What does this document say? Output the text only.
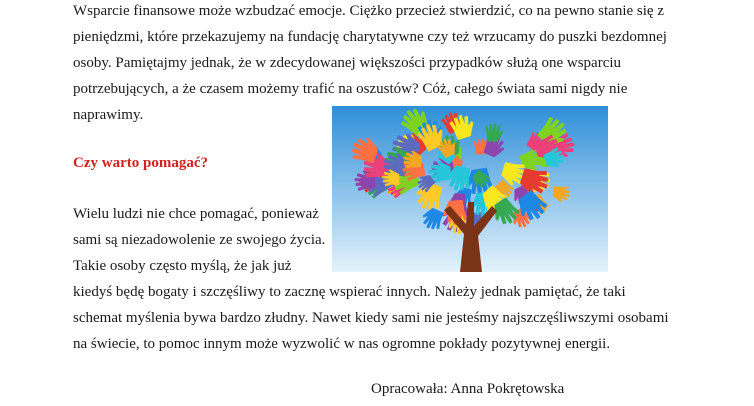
Wsparcie finansowe może wzbudzać emocje. Ciężko przecież stwierdzić, co na pewno stanie się z
pieniędzmi, które przekazujemy na fundację charytatywne czy też wrzucamy do puszki bezdomnej
osoby. Pamiętajmy jednak, że w zdecydowanej większości przypadków służą one wsparciu
potrzebujących, a że czasem możemy trafić na oszustów? Cóż, całego świata sami nigdy nie
naprawimy.
Czy warto pomagać?
Wielu ludzi nie chce pomagać, ponieważ
sami są niezadowolenie ze swojego życia.
Takie osoby często myślą, że jak już
kiedyś będę bogaty i szczęśliwy to zacznę wspierać innych. Należy jednak pamiętać, że taki
schemat myślenia bywa bardzo złudny. Nawet kiedy sami nie jesteśmy najszczęśliwszymi osobami
na świecie, to pomoc innym może wyzwolić w nas ogromne pokłady pozytywnej energii.
Opracowała: Anna Pokrętowska
